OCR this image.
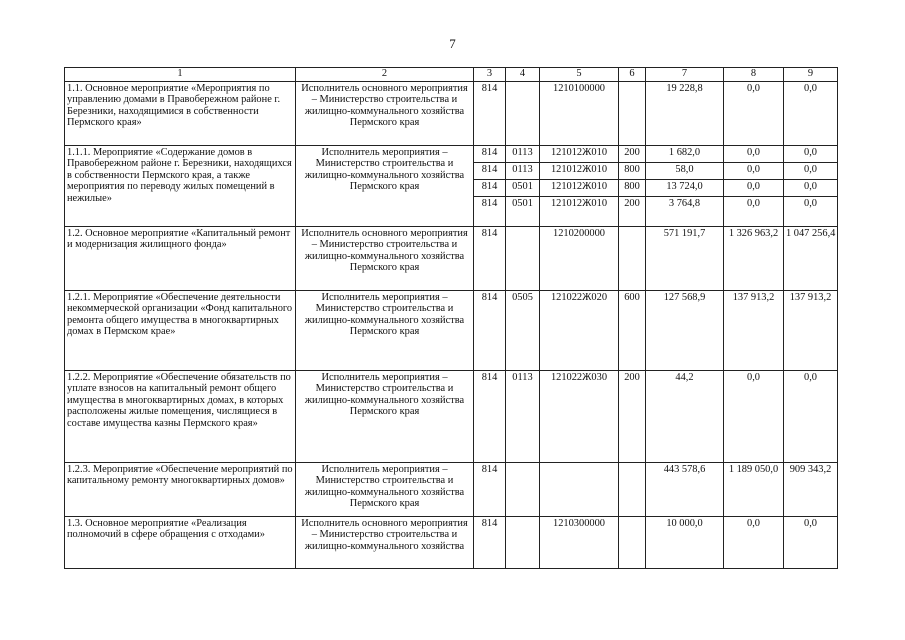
7
1	2	3	4	5	6	7	8	9
1.1. Основное мероприятие «Мероприятия по управлению домами в Правобережном районе г. Березники, находящимися в собственности Пермского края»	Исполнитель основного мероприятия – Министерство строительства и жилищно-коммунального хозяйства Пермского края	814		1210100000		19 228,8	0,0	0,0
1.1.1. Мероприятие «Содержание домов в Правобережном районе г. Березники, находящихся в собственности Пермского края, а также мероприятия по переводу жилых помещений в нежилые»	Исполнитель мероприятия – Министерство строительства и жилищно-коммунального хозяйства Пермского края	814	0113	121012Ж010	200	1 682,0	0,0	0,0
		814	0113	121012Ж010	800	58,0	0,0	0,0
		814	0501	121012Ж010	800	13 724,0	0,0	0,0
		814	0501	121012Ж010	200	3 764,8	0,0	0,0
1.2. Основное мероприятие «Капитальный ремонт и модернизация жилищного фонда»	Исполнитель основного мероприятия – Министерство строительства и жилищно-коммунального хозяйства Пермского края	814		1210200000		571 191,7	1 326 963,2	1 047 256,4
1.2.1. Мероприятие «Обеспечение деятельности некоммерческой организации «Фонд капитального ремонта общего имущества в многоквартирных домах в Пермском крае»	Исполнитель мероприятия – Министерство строительства и жилищно-коммунального хозяйства Пермского края	814	0505	121022Ж020	600	127 568,9	137 913,2	137 913,2
1.2.2. Мероприятие «Обеспечение обязательств по уплате взносов на капитальный ремонт общего имущества в многоквартирных домах, в которых расположены жилые помещения, числящиеся в составе имущества казны Пермского края»	Исполнитель мероприятия – Министерство строительства и жилищно-коммунального хозяйства Пермского края	814	0113	121022Ж030	200	44,2	0,0	0,0
1.2.3. Мероприятие «Обеспечение мероприятий по капитальному ремонту многоквартирных домов»	Исполнитель мероприятия – Министерство строительства и жилищно-коммунального хозяйства Пермского края	814				443 578,6	1 189 050,0	909 343,2
1.3. Основное мероприятие «Реализация полномочий в сфере обращения с отходами»	Исполнитель основного мероприятия – Министерство строительства и жилищно-коммунального хозяйства	814		1210300000		10 000,0	0,0	0,0
